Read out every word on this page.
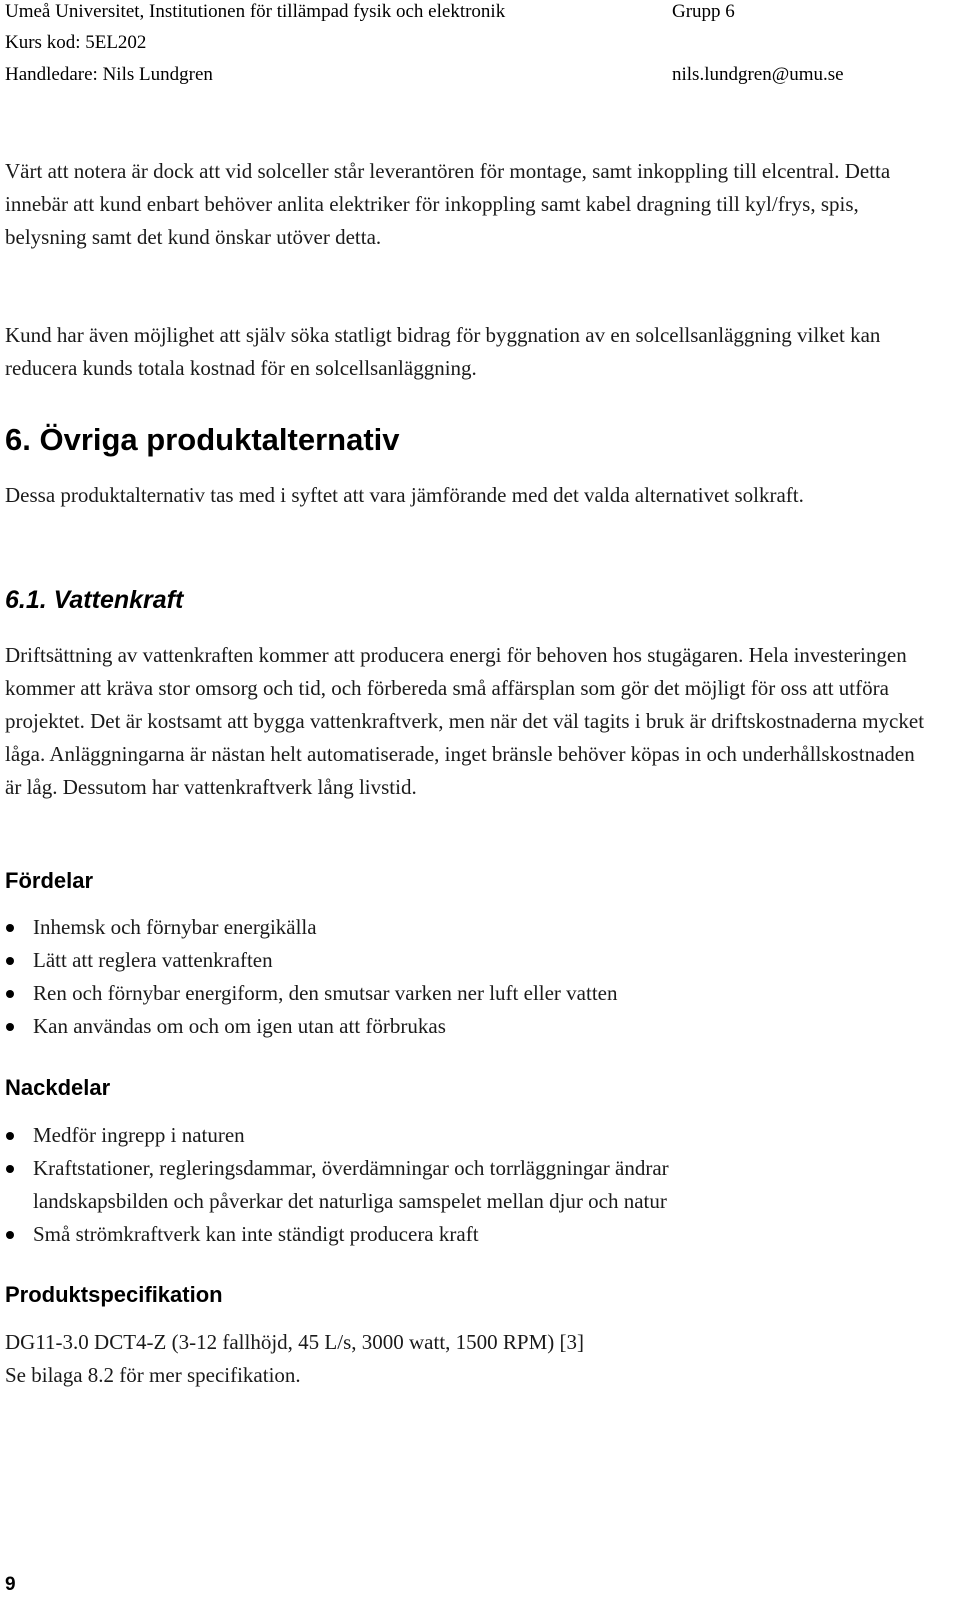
Umeå Universitet, Institutionen för tillämpad fysik och elektronik	Grupp 6
Kurs kod: 5EL202
Handledare: Nils Lundgren	nils.lundgren@umu.se

Värt att notera är dock att vid solceller står leverantören för montage, samt inkoppling till elcentral. Detta innebär att kund enbart behöver anlita elektriker för inkoppling samt kabel dragning till kyl/frys, spis, belysning samt det kund önskar utöver detta.

Kund har även möjlighet att själv söka statligt bidrag för byggnation av en solcellsanläggning vilket kan reducera kunds totala kostnad för en solcellsanläggning.

6. Övriga produktalternativ

Dessa produktalternativ tas med i syftet att vara jämförande med det valda alternativet solkraft.

6.1. Vattenkraft

Driftsättning av vattenkraften kommer att producera energi för behoven hos stugägaren. Hela investeringen kommer att kräva stor omsorg och tid, och förbereda små affärsplan som gör det möjligt för oss att utföra projektet. Det är kostsamt att bygga vattenkraftverk, men när det väl tagits i bruk är driftskostnaderna mycket låga. Anläggningarna är nästan helt automatiserade, inget bränsle behöver köpas in och underhållskostnaden är låg. Dessutom har vattenkraftverk lång livstid.

Fördelar
Inhemsk och förnybar energikälla
Lätt att reglera vattenkraften
Ren och förnybar energiform, den smutsar varken ner luft eller vatten
Kan användas om och om igen utan att förbrukas
Nackdelar
Medför ingrepp i naturen
Kraftstationer, regleringsdammar, överdämningar och torrläggningar ändrar landskapsbilden och påverkar det naturliga samspelet mellan djur och natur
Små strömkraftverk kan inte ständigt producera kraft
Produktspecifikation

DG11-3.0 DCT4-Z (3-12 fallhöjd, 45 L/s, 3000 watt, 1500 RPM) [3]

Se bilaga 8.2 för mer specifikation.

9
